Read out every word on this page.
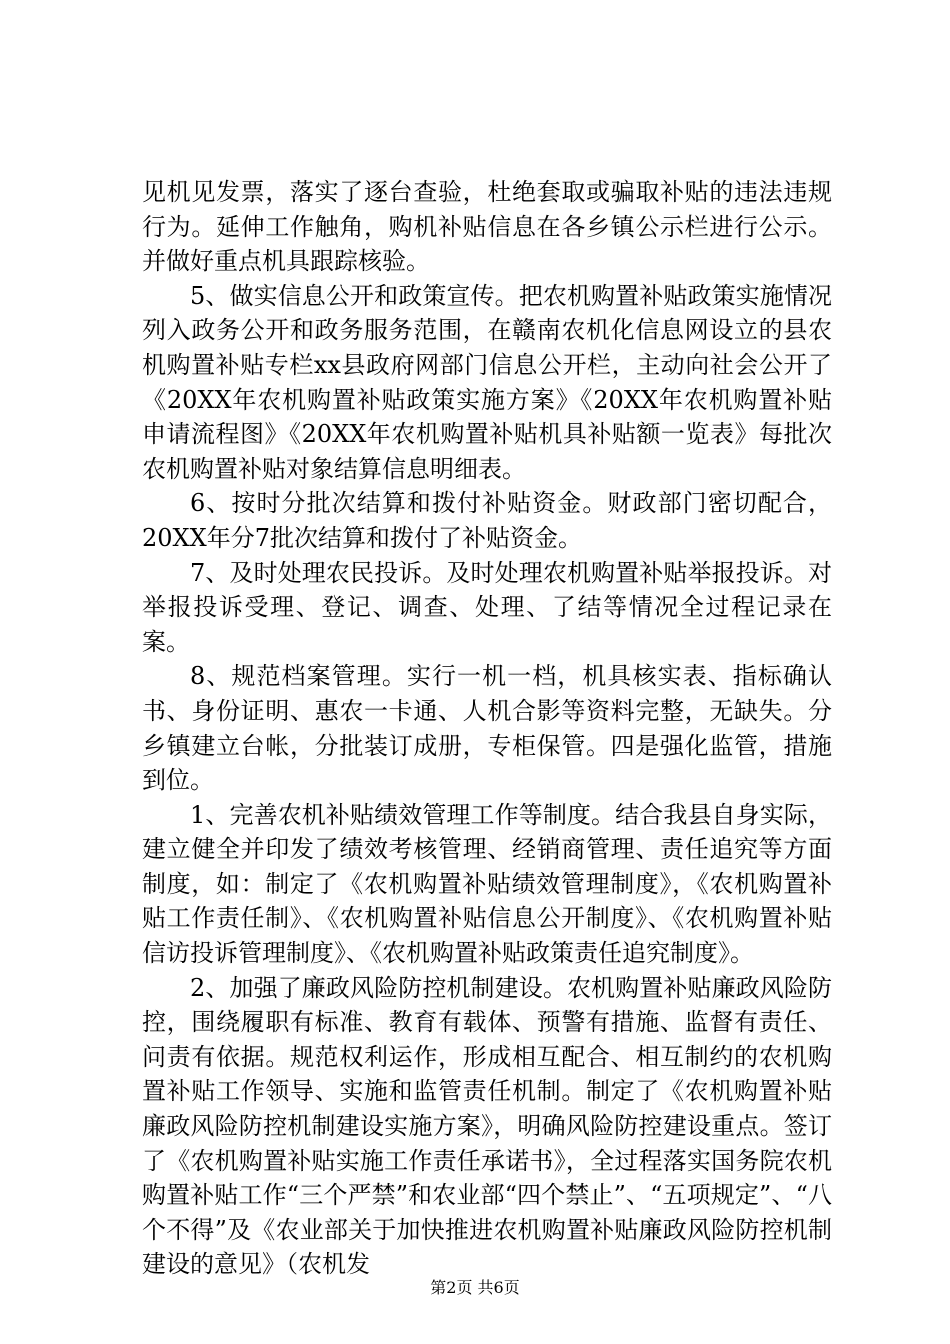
见机见发票，落实了逐台查验，杜绝套取或骗取补贴的违法违规行为。延伸工作触角，购机补贴信息在各乡镇公示栏进行公示。并做好重点机具跟踪核验。

5、做实信息公开和政策宣传。把农机购置补贴政策实施情况列入政务公开和政务服务范围，在赣南农机化信息网设立的县农机购置补贴专栏xx县政府网部门信息公开栏，主动向社会公开了《20XX年农机购置补贴政策实施方案》《20XX年农机购置补贴申请流程图》《20XX年农机购置补贴机具补贴额一览表》每批次农机购置补贴对象结算信息明细表。

6、按时分批次结算和拨付补贴资金。财政部门密切配合，20XX年分7批次结算和拨付了补贴资金。

7、及时处理农民投诉。及时处理农机购置补贴举报投诉。对举报投诉受理、登记、调查、处理、了结等情况全过程记录在案。

8、规范档案管理。实行一机一档，机具核实表、指标确认书、身份证明、惠农一卡通、人机合影等资料完整，无缺失。分乡镇建立台帐，分批装订成册，专柜保管。四是强化监管，措施到位。

1、完善农机补贴绩效管理工作等制度。结合我县自身实际，建立健全并印发了绩效考核管理、经销商管理、责任追究等方面制度，如：制定了《农机购置补贴绩效管理制度》，《农机购置补贴工作责任制》、《农机购置补贴信息公开制度》、《农机购置补贴信访投诉管理制度》、《农机购置补贴政策责任追究制度》。

2、加强了廉政风险防控机制建设。农机购置补贴廉政风险防控，围绕履职有标准、教育有载体、预警有措施、监督有责任、问责有依据。规范权利运作，形成相互配合、相互制约的农机购置补贴工作领导、实施和监管责任机制。制定了《农机购置补贴廉政风险防控机制建设实施方案》，明确风险防控建设重点。签订了《农机购置补贴实施工作责任承诺书》，全过程落实国务院农机购置补贴工作“三个严禁”和农业部“四个禁止”、“五项规定”、“八个不得”及《农业部关于加快推进农机购置补贴廉政风险防控机制建设的意见》（农机发

第2页 共6页
